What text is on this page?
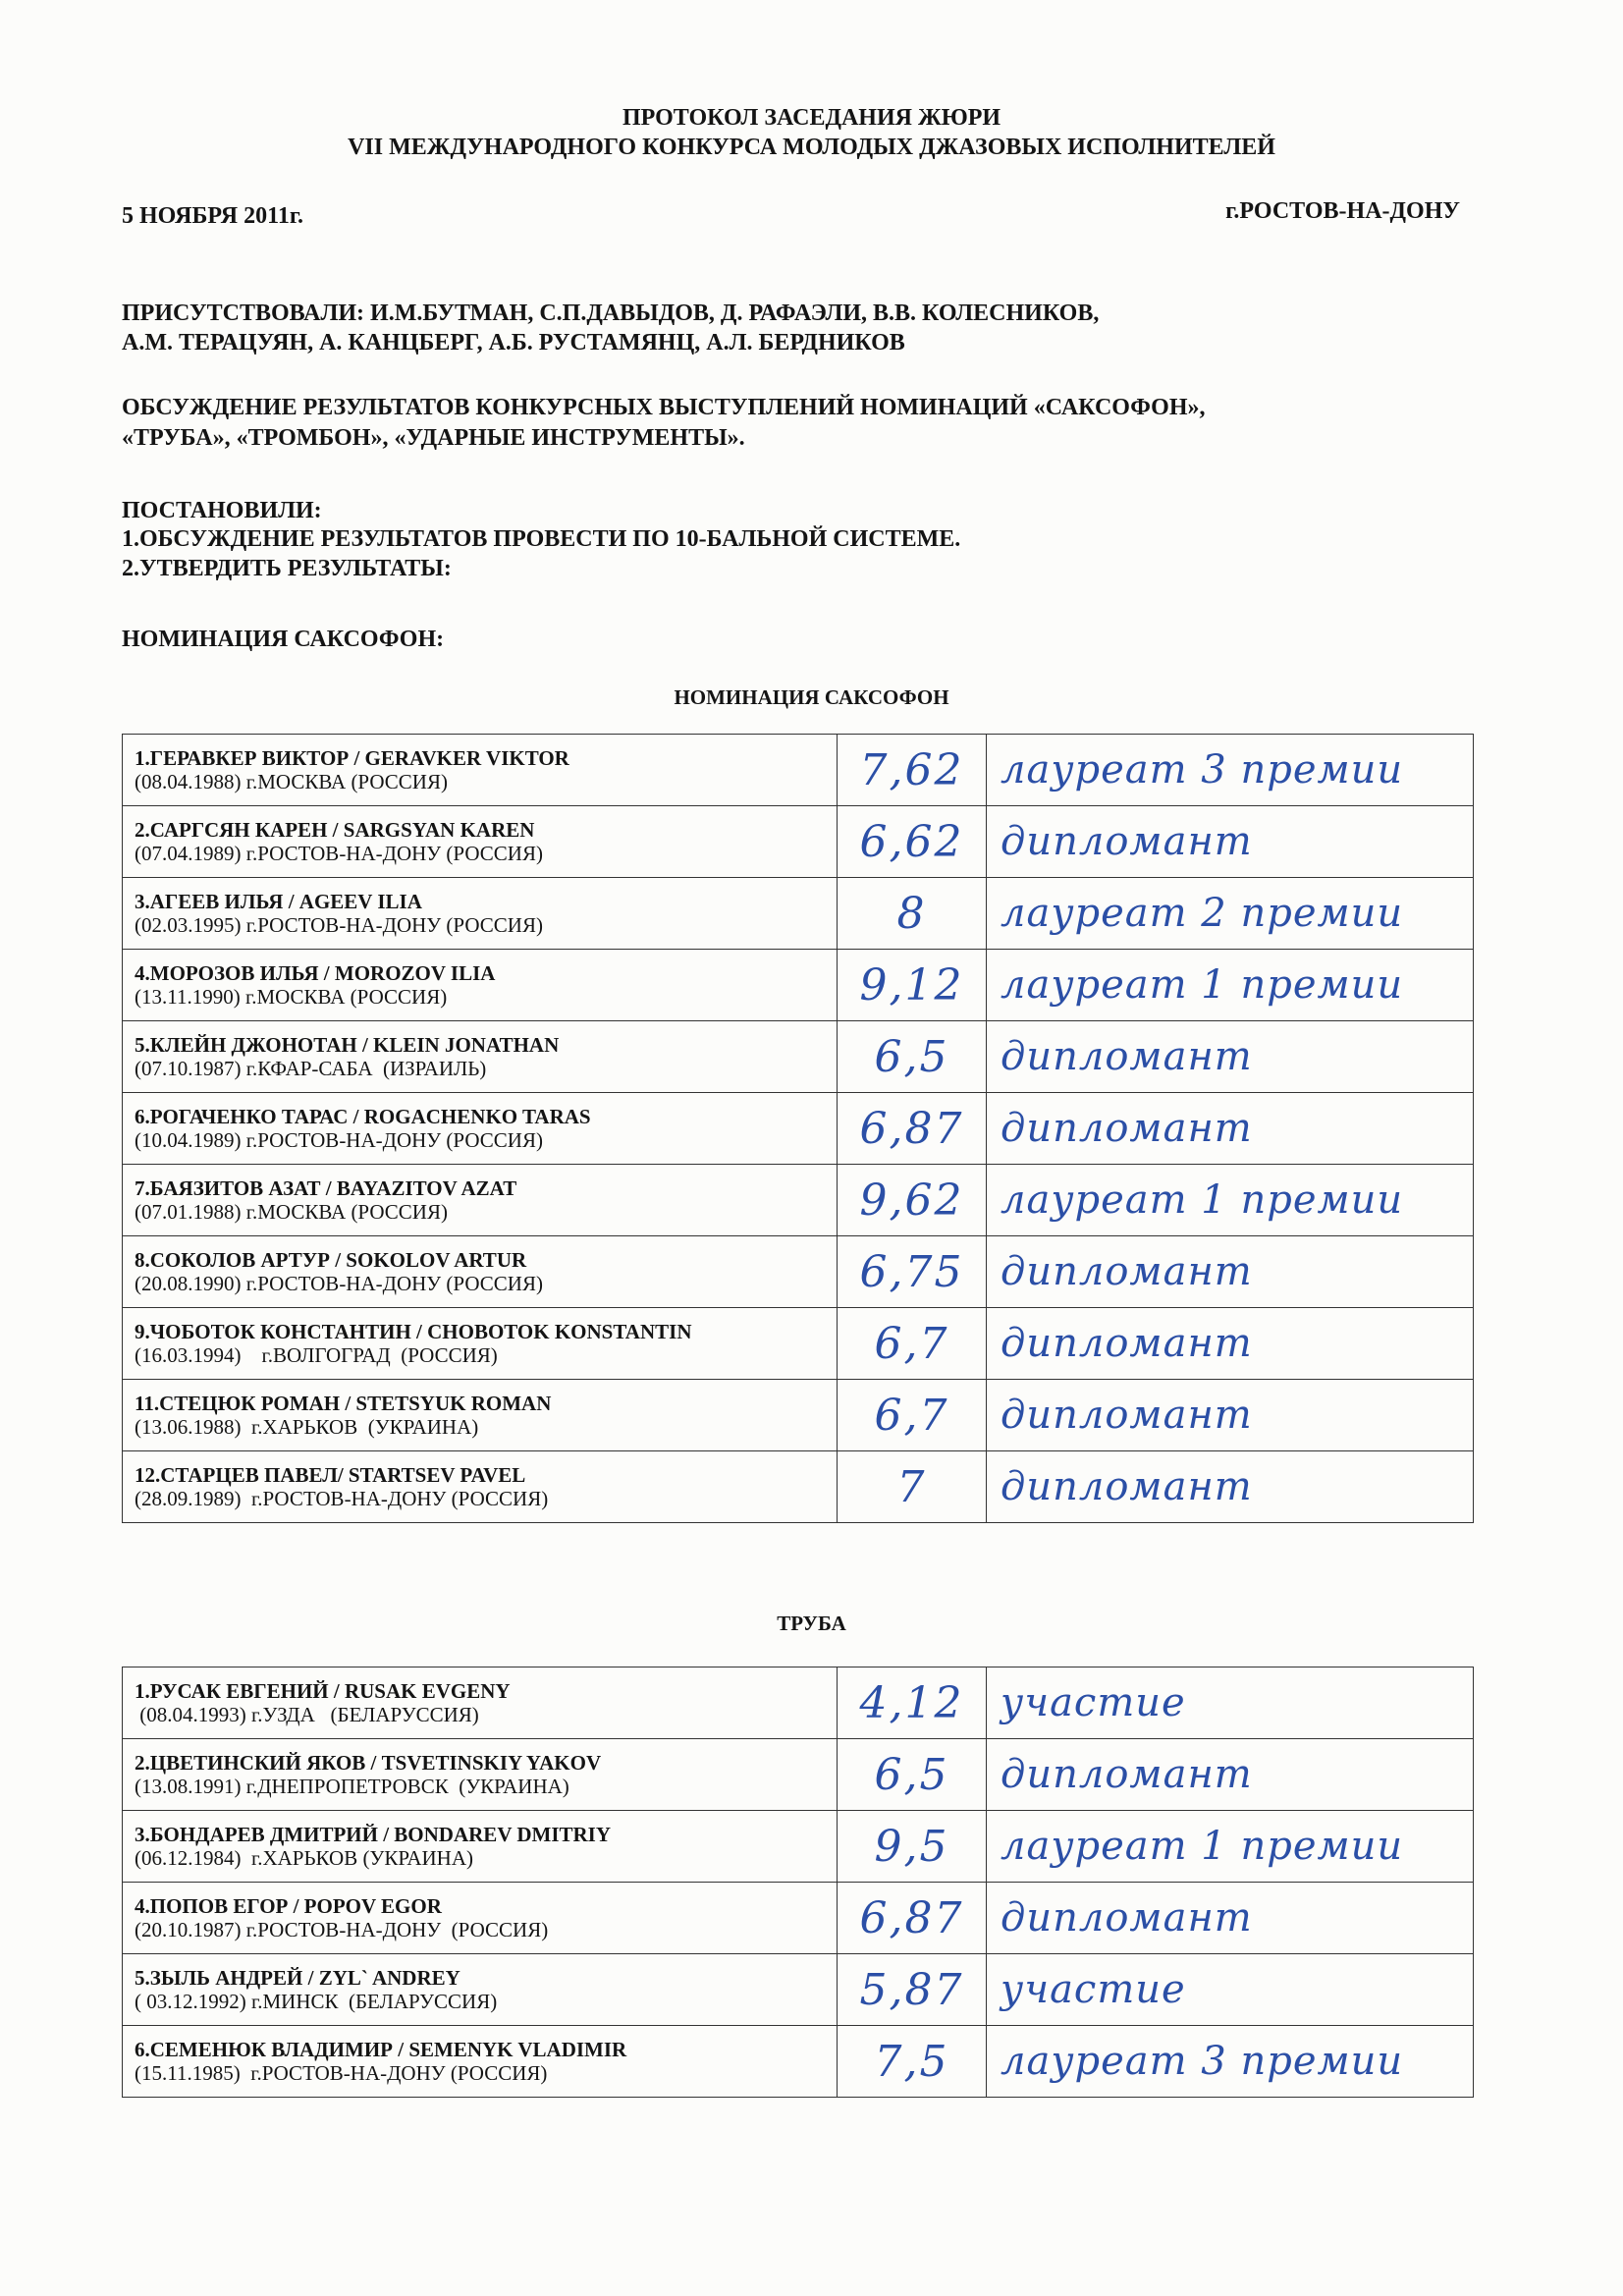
ПРОТОКОЛ ЗАСЕДАНИЯ ЖЮРИ
VII МЕЖДУНАРОДНОГО КОНКУРСА МОЛОДЫХ ДЖАЗОВЫХ ИСПОЛНИТЕЛЕЙ
5 НОЯБРЯ 2011г.	г.РОСТОВ-НА-ДОНУ
ПРИСУТСТВОВАЛИ: И.М.БУТМАН, С.П.ДАВЫДОВ, Д. РАФАЭЛИ, В.В. КОЛЕСНИКОВ,
А.М. ТЕРАЦУЯН, А. КАНЦБЕРГ, А.Б. РУСТАМЯНЦ, А.Л. БЕРДНИКОВ
ОБСУЖДЕНИЕ РЕЗУЛЬТАТОВ КОНКУРСНЫХ ВЫСТУПЛЕНИЙ НОМИНАЦИЙ «САКСОФОН»,
«ТРУБА», «ТРОМБОН», «УДАРНЫЕ ИНСТРУМЕНТЫ».
ПОСТАНОВИЛИ:
1.ОБСУЖДЕНИЕ РЕЗУЛЬТАТОВ ПРОВЕСТИ ПО 10-БАЛЬНОЙ СИСТЕМЕ.
2.УТВЕРДИТЬ РЕЗУЛЬТАТЫ:
НОМИНАЦИЯ САКСОФОН:
НОМИНАЦИЯ САКСОФОН
1.ГЕРАВКЕР ВИКТОР / GERAVKER VIKTOR
(08.04.1988) г.МОСКВА (РОССИЯ)	7,62	лауреат 3 премии

2.САРГСЯН КАРЕН / SARGSYAN KAREN
(07.04.1989) г.РОСТОВ-НА-ДОНУ (РОССИЯ)	6,62	дипломант

3.АГЕЕВ ИЛЬЯ / AGEEV ILIA
(02.03.1995) г.РОСТОВ-НА-ДОНУ (РОССИЯ)	8	лауреат 2 премии

4.МОРОЗОВ ИЛЬЯ / MOROZOV ILIA
(13.11.1990) г.МОСКВА (РОССИЯ)	9,12	лауреат 1 премии

5.КЛЕЙН ДЖОНОТАН / KLEIN JONATHAN
(07.10.1987) г.КФАР-САБА  (ИЗРАИЛЬ)	6,5	дипломант

6.РОГАЧЕНКО ТАРАС / ROGACHENKO TARAS
(10.04.1989) г.РОСТОВ-НА-ДОНУ (РОССИЯ)	6,87	дипломант

7.БАЯЗИТОВ АЗАТ / BAYAZITOV AZAT
(07.01.1988) г.МОСКВА (РОССИЯ)	9,62	лауреат 1 премии

8.СОКОЛОВ АРТУР / SOKOLOV ARTUR
(20.08.1990) г.РОСТОВ-НА-ДОНУ (РОССИЯ)	6,75	дипломант

9.ЧОБОТОК КОНСТАНТИН / CHOBOTOK KONSTANTIN
(16.03.1994)    г.ВОЛГОГРАД  (РОССИЯ)	6,7	дипломант

11.СТЕЦЮК РОМАН / STETSYUK ROMAN
(13.06.1988)  г.ХАРЬКОВ  (УКРАИНА)	6,7	дипломант

12.СТАРЦЕВ ПАВЕЛ/ STARTSEV PAVEL
(28.09.1989)  г.РОСТОВ-НА-ДОНУ (РОССИЯ)	7	дипломант
ТРУБА
1.РУСАК ЕВГЕНИЙ / RUSAK EVGENY
(08.04.1993) г.УЗДА   (БЕЛАРУССИЯ)	4,12	участие

2.ЦВЕТИНСКИЙ ЯКОВ / TSVETINSKIY YAKOV
(13.08.1991) г.ДНЕПРОПЕТРОВСК  (УКРАИНА)	6,5	дипломант

3.БОНДАРЕВ ДМИТРИЙ / BONDAREV DMITRIY
(06.12.1984)  г.ХАРЬКОВ (УКРАИНА)	9,5	лауреат 1 премии

4.ПОПОВ ЕГОР / POPOV EGOR
(20.10.1987) г.РОСТОВ-НА-ДОНУ  (РОССИЯ)	6,87	дипломант

5.ЗЫЛЬ АНДРЕЙ / ZYL` ANDREY
( 03.12.1992) г.МИНСК  (БЕЛАРУССИЯ)	5,87	участие

6.СЕМЕНЮК ВЛАДИМИР / SEMENYK VLADIMIR
(15.11.1985)  г.РОСТОВ-НА-ДОНУ (РОССИЯ)	7,5	лауреат 3 премии
